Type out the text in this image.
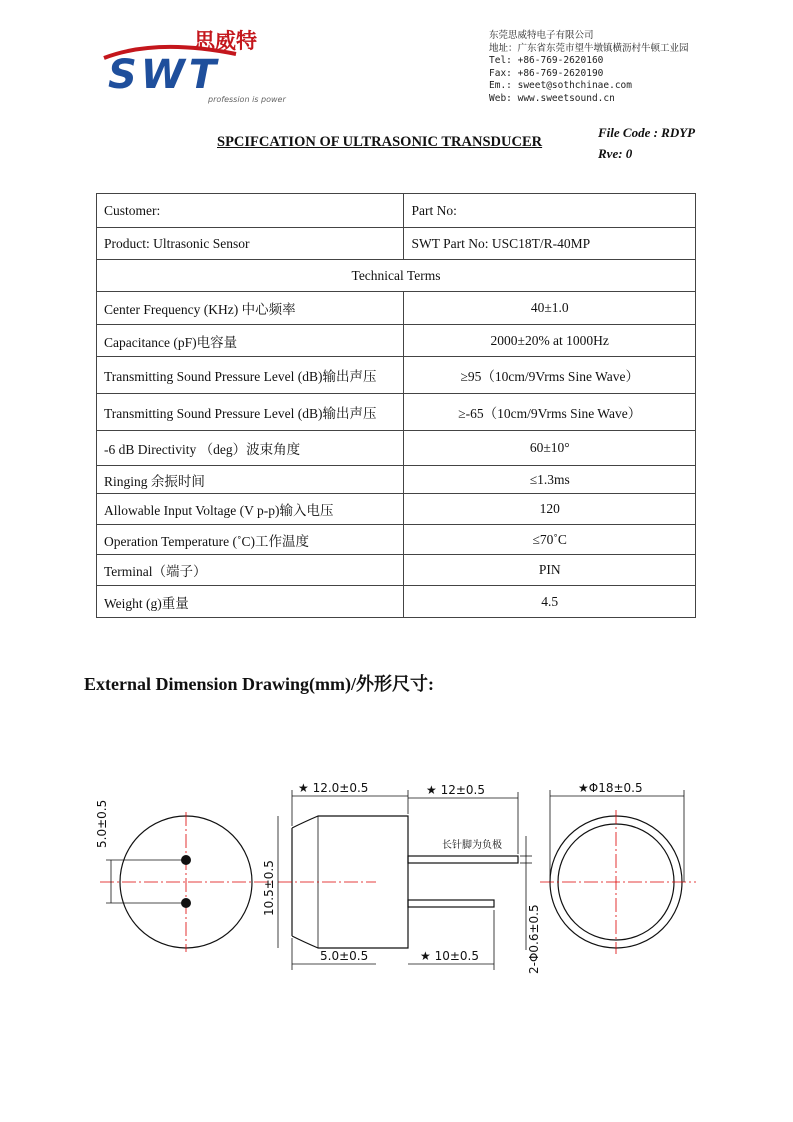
思威特
SWT
profession is power
东莞思威特电子有限公司
地址：广东省东莞市望牛墩镇横沥村牛顿工业园
Tel: +86-769-2620160
Fax: +86-769-2620190
Em.: sweet@sothchinae.com
Web: www.sweetsound.cn
SPCIFCATION OF ULTRASONIC TRANSDUCER
File Code : RDYP
Rve: 0
Customer:	Part No:
Product: Ultrasonic Sensor	SWT Part No: USC18T/R-40MP
Technical Terms	
Center Frequency (KHz) 中心频率	40±1.0
Capacitance (pF)电容量	2000±20% at 1000Hz
Transmitting Sound Pressure Level (dB)输出声压	≥95（10cm/9Vrms Sine Wave）
Transmitting Sound Pressure Level (dB)输出声压	≥-65（10cm/9Vrms Sine Wave）
-6 dB Directivity （deg）波束角度	60±10°
Ringing 余振时间	≤1.3ms
Allowable Input Voltage (V p-p)输入电压	120
Operation Temperature (˚C)工作温度	≤70˚C
Terminal（端子）	PIN
Weight (g)重量	4.5
External Dimension Drawing(mm)/外形尺寸:
5.0±0.5
★ 12.0±0.5	★ 12±0.5
10.5±0.5
长针脚为负极
5.0±0.5	★ 10±0.5	2-Φ0.6±0.5
★Φ18±0.5
